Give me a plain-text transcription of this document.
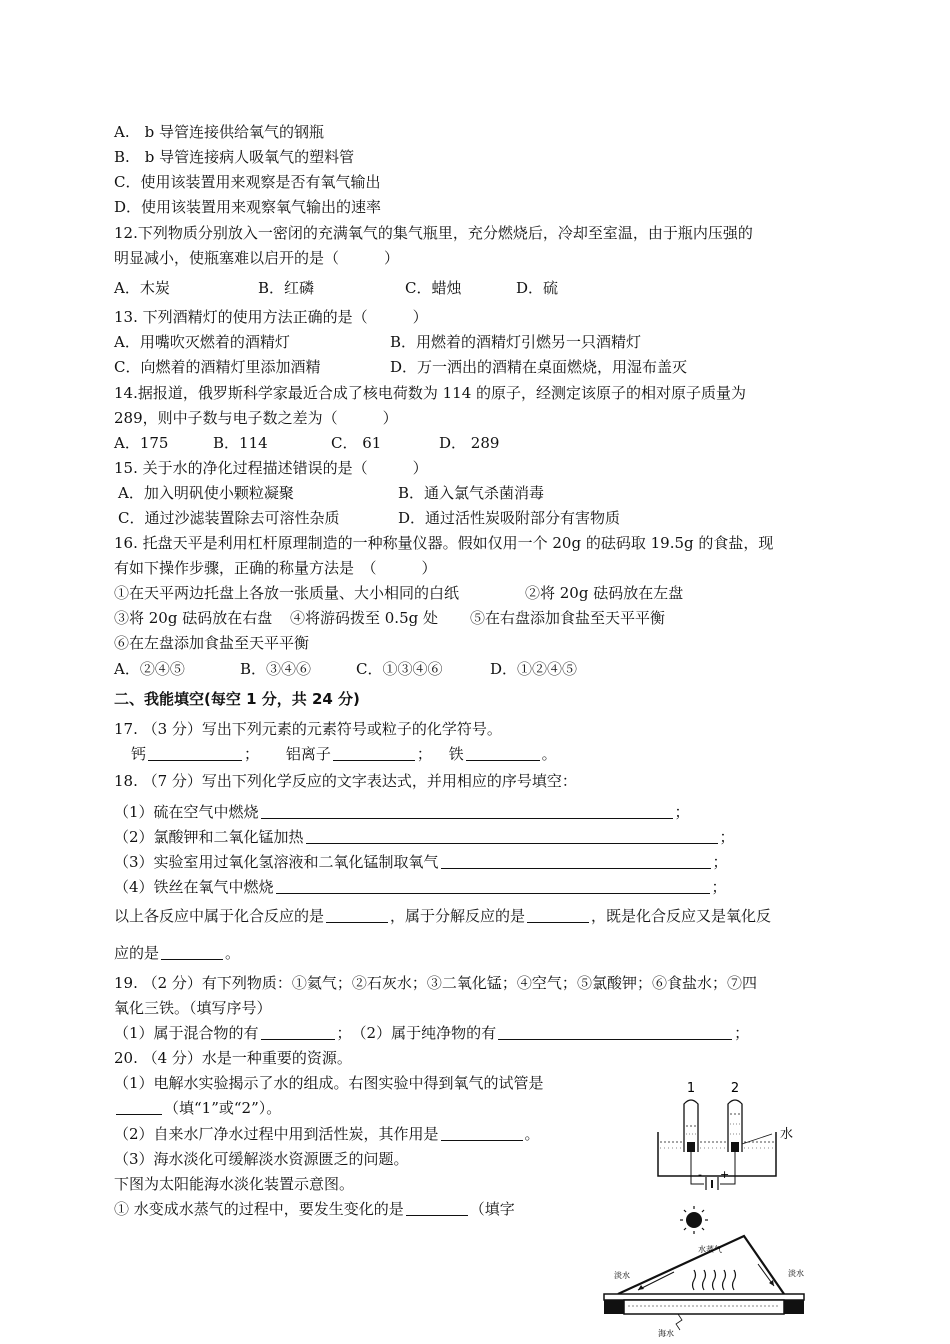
A.　b 导管连接供给氧气的钢瓶
B.　b 导管连接病人吸氧气的塑料管
C．使用该装置用来观察是否有氧气输出
D．使用该装置用来观察氧气输出的速率
12.下列物质分别放入一密闭的充满氧气的集气瓶里，充分燃烧后，冷却至室温，由于瓶内压强的
明显减小，使瓶塞难以启开的是（　　　）
A．木炭	B．红磷	C．蜡烛	D．硫
13. 下列酒精灯的使用方法正确的是（　　　）
A．用嘴吹灭燃着的酒精灯	B．用燃着的酒精灯引燃另一只酒精灯
C．向燃着的酒精灯里添加酒精	D．万一洒出的酒精在桌面燃烧，用湿布盖灭
14.据报道，俄罗斯科学家最近合成了核电荷数为 114 的原子，经测定该原子的相对原子质量为
289，则中子数与电子数之差为（　　　）
A．175	B．114	C． 61	D． 289
15. 关于水的净化过程描述错误的是（　　　）
A．加入明矾使小颗粒凝聚	B．通入氯气杀菌消毒
C．通过沙滤装置除去可溶性杂质	D．通过活性炭吸附部分有害物质
16. 托盘天平是利用杠杆原理制造的一种称量仪器。假如仅用一个 20g 的砝码取 19.5g 的食盐，现
有如下操作步骤，正确的称量方法是　（　　　）
①在天平两边托盘上各放一张质量、大小相同的白纸	②将 20g 砝码放在左盘
③将 20g 砝码放在右盘 ④将游码拨至 0.5g 处 ⑤在右盘添加食盐至天平平衡
⑥在左盘添加食盐至天平平衡
A．②④⑤	B．③④⑥	C．①③④⑥	D．①②④⑤
二、我能填空(每空 1 分，共 24 分)
17. （3 分）写出下列元素的元素符号或粒子的化学符号。
钙	； 铝离子	； 铁	。
18. （7 分）写出下列化学反应的文字表达式，并用相应的序号填空：
（1）硫在空气中燃烧	；
（2）氯酸钾和二氧化锰加热	；
（3）实验室用过氧化氢溶液和二氧化锰制取氧气	；
（4）铁丝在氧气中燃烧	；
以上各反应中属于化合反应的是	，属于分解反应的是	，既是化合反应又是氧化反
应的是	。
19. （2 分）有下列物质：①氦气；②石灰水；③二氧化锰；④空气；⑤氯酸钾；⑥食盐水；⑦四
氧化三铁。（填写序号）
（1）属于混合物的有	；　（2）属于纯净物的有	；
20. （4 分）水是一种重要的资源。
（1）电解水实验揭示了水的组成。右图实验中得到氧气的试管是
（填“1”或“2”）。
（2）自来水厂净水过程中用到活性炭，其作用是	。
（3）海水淡化可缓解淡水资源匮乏的问题。
下图为太阳能海水淡化装置示意图。
① 水变成水蒸气的过程中，要发生变化的是	（填字
1	2
- +
水
水蒸气
淡水	淡水
海水
